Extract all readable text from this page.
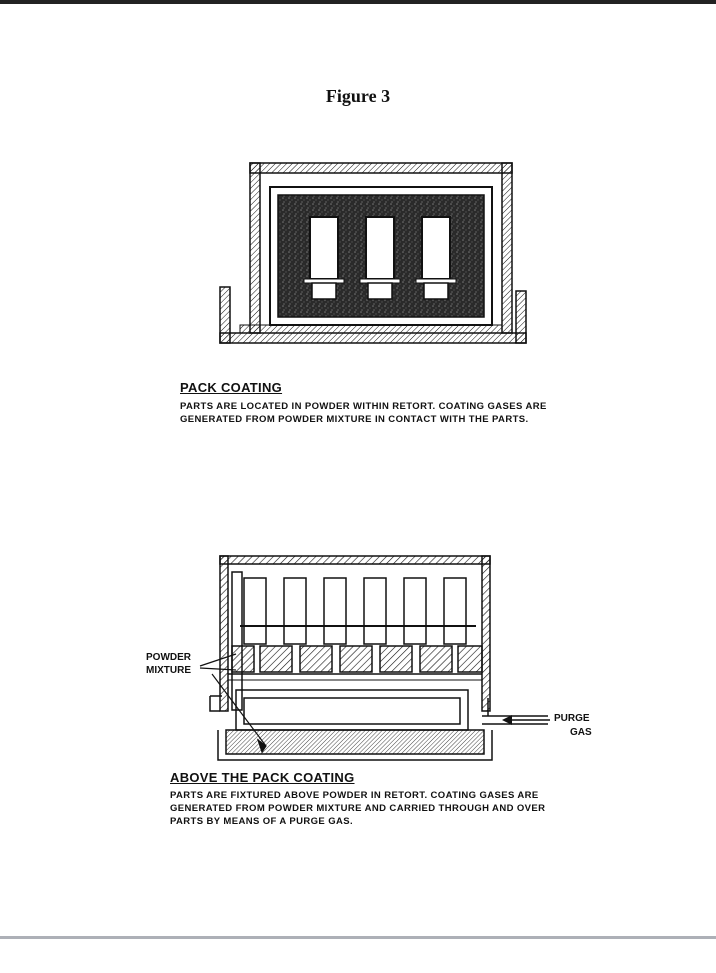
Figure 3
PACK COATING
PARTS ARE LOCATED IN POWDER WITHIN RETORT. COATING GASES ARE
GENERATED FROM POWDER MIXTURE IN CONTACT WITH THE PARTS.
POWDER
MIXTURE
PURGE
GAS
ABOVE THE PACK COATING
PARTS ARE FIXTURED ABOVE POWDER IN RETORT. COATING GASES ARE
GENERATED FROM POWDER MIXTURE AND CARRIED THROUGH AND OVER
PARTS BY MEANS OF A PURGE GAS.
